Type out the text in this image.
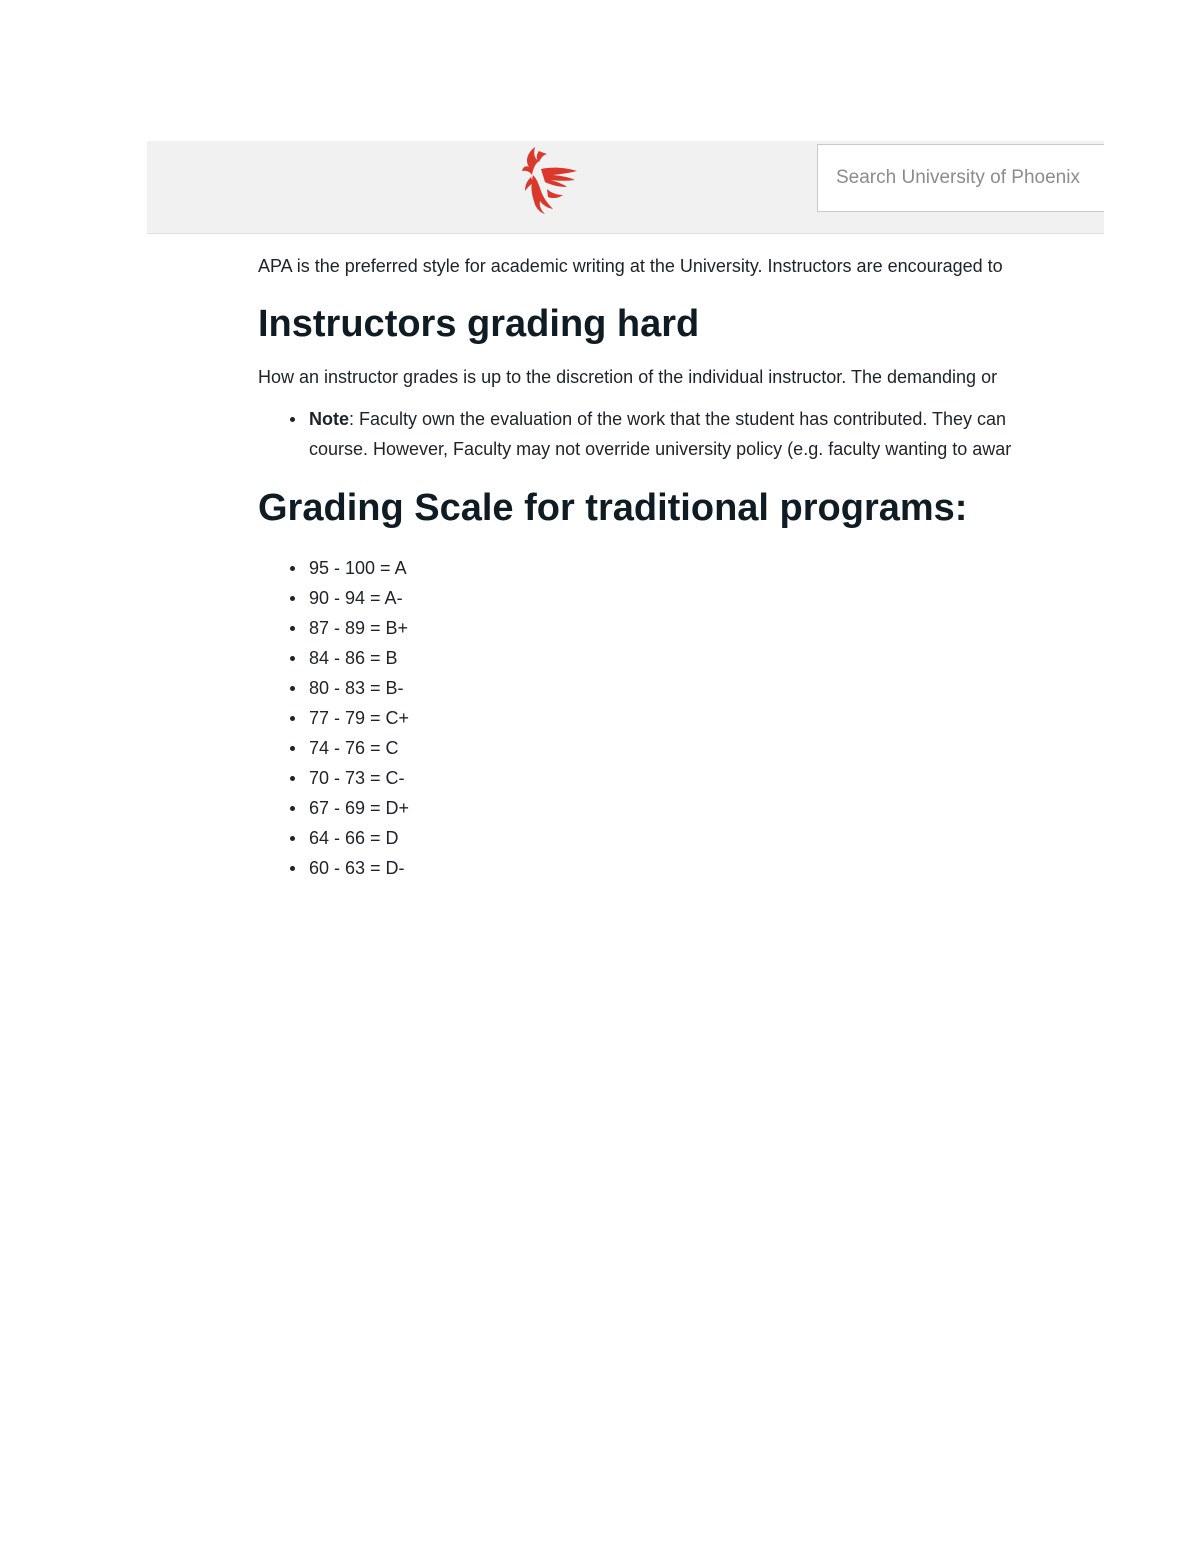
Search University of Phoenix

APA is the preferred style for academic writing at the University. Instructors are encouraged to

Instructors grading hard

How an instructor grades is up to the discretion of the individual instructor. The demanding or

Note: Faculty own the evaluation of the work that the student has contributed. They can
course. However, Faculty may not override university policy (e.g. faculty wanting to awar
Grading Scale for traditional programs:
95 - 100 = A
90 - 94 = A-
87 - 89 = B+
84 - 86 = B
80 - 83 = B-
77 - 79 = C+
74 - 76 = C
70 - 73 = C-
67 - 69 = D+
64 - 66 = D
60 - 63 = D-
